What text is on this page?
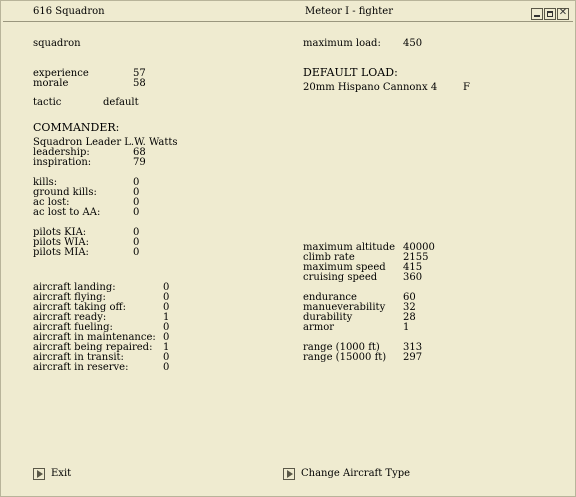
616 Squadron	Meteor I - fighter
✕
squadron
experience	57
morale	58
tactic	default
COMMANDER:
Squadron Leader L.W. Watts
leadership:	68
inspiration:	79
kills:	0
ground kills:	0
ac lost:	0
ac lost to AA:	0
pilots KIA:	0
pilots WIA:	0
pilots MIA:	0
aircraft landing:	0
aircraft flying:	0
aircraft taking off:	0
aircraft ready:	1
aircraft fueling:	0
aircraft in maintenance: 0
aircraft being repaired: 1
aircraft in transit:	0
aircraft in reserve:	0
maximum load: 450
DEFAULT LOAD:
20mm Hispano Cannon x 4	F
maximum altitude 40000
climb rate	2155
maximum speed 415
cruising speed	360
endurance	60
manueverability 32
durability	28
armor	1
range (1000 ft) 313
range (15000 ft) 297
Exit	Change Aircraft Type
